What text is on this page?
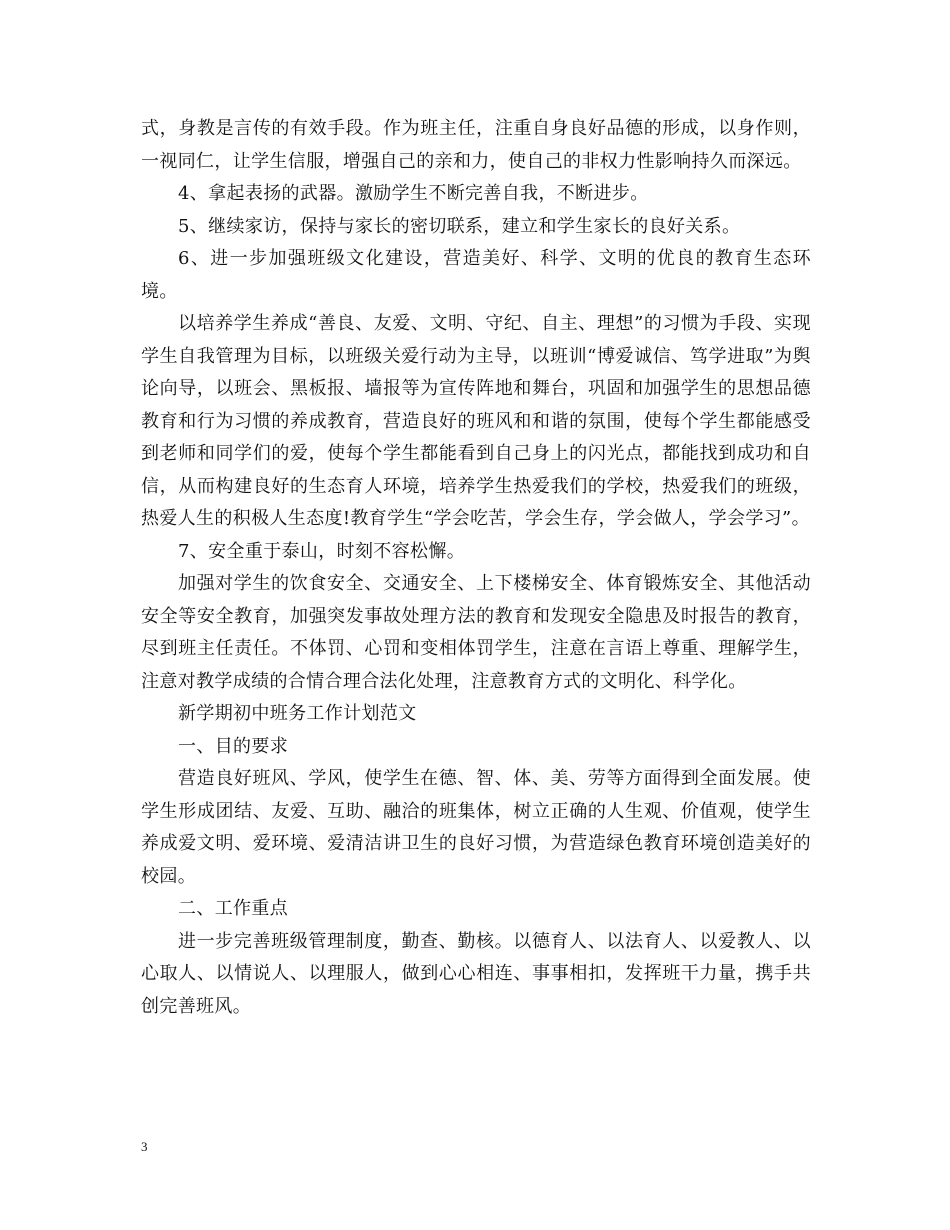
式，身教是言传的有效手段。作为班主任，注重自身良好品德的形成，以身作则，一视同仁，让学生信服，增强自己的亲和力，使自己的非权力性影响持久而深远。

4、拿起表扬的武器。激励学生不断完善自我，不断进步。

5、继续家访，保持与家长的密切联系，建立和学生家长的良好关系。

6、进一步加强班级文化建设，营造美好、科学、文明的优良的教育生态环境。

以培养学生养成“善良、友爱、文明、守纪、自主、理想”的习惯为手段、实现学生自我管理为目标，以班级关爱行动为主导，以班训“博爱诚信、笃学进取”为舆论向导，以班会、黑板报、墙报等为宣传阵地和舞台，巩固和加强学生的思想品德教育和行为习惯的养成教育，营造良好的班风和和谐的氛围，使每个学生都能感受到老师和同学们的爱，使每个学生都能看到自己身上的闪光点，都能找到成功和自信，从而构建良好的生态育人环境，培养学生热爱我们的学校，热爱我们的班级，热爱人生的积极人生态度!教育学生“学会吃苦，学会生存，学会做人，学会学习”。

7、安全重于泰山，时刻不容松懈。

加强对学生的饮食安全、交通安全、上下楼梯安全、体育锻炼安全、其他活动安全等安全教育，加强突发事故处理方法的教育和发现安全隐患及时报告的教育，尽到班主任责任。不体罚、心罚和变相体罚学生，注意在言语上尊重、理解学生，注意对教学成绩的合情合理合法化处理，注意教育方式的文明化、科学化。

新学期初中班务工作计划范文

一、目的要求

营造良好班风、学风，使学生在德、智、体、美、劳等方面得到全面发展。使学生形成团结、友爱、互助、融洽的班集体，树立正确的人生观、价值观，使学生养成爱文明、爱环境、爱清洁讲卫生的良好习惯，为营造绿色教育环境创造美好的校园。

二、工作重点

进一步完善班级管理制度，勤查、勤核。以德育人、以法育人、以爱教人、以心取人、以情说人、以理服人，做到心心相连、事事相扣，发挥班干力量，携手共创完善班风。

3
